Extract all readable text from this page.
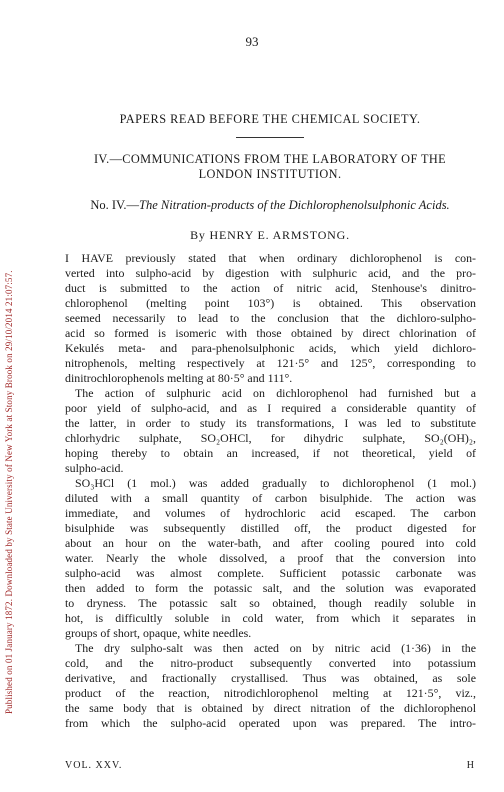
Published on 01 January 1872. Downloaded by State University of New York at Stony Brook on 29/10/2014 21:07:57.
93
PAPERS READ BEFORE THE CHEMICAL SOCIETY.
IV.—COMMUNICATIONS FROM THE LABORATORY OF THE
LONDON INSTITUTION.
No. IV.—The Nitration-products of the Dichlorophenolsulphonic Acids.
By HENRY E. ARMSTONG.
I HAVE previously stated that when ordinary dichlorophenol is con-
verted into sulpho-acid by digestion with sulphuric acid, and the pro-
duct is submitted to the action of nitric acid, Stenhouse's dinitro-
chlorophenol (melting point 103°) is obtained. This observation
seemed necessarily to lead to the conclusion that the dichloro-sulpho-
acid so formed is isomeric with those obtained by direct chlorination of
Kekulés meta- and para-phenolsulphonic acids, which yield dichloro-
nitrophenols, melting respectively at 121·5° and 125°, corresponding to
dinitrochlorophenols melting at 80·5° and 111°.
The action of sulphuric acid on dichlorophenol had furnished but a
poor yield of sulpho-acid, and as I required a considerable quantity of
the latter, in order to study its transformations, I was led to substitute
chlorhydric sulphate, SO₂OHCl, for dihydric sulphate, SO₂(OH)₂,
hoping thereby to obtain an increased, if not theoretical, yield of
sulpho-acid.
SO₃HCl (1 mol.) was added gradually to dichlorophenol (1 mol.)
diluted with a small quantity of carbon bisulphide. The action was
immediate, and volumes of hydrochloric acid escaped. The carbon
bisulphide was subsequently distilled off, the product digested for
about an hour on the water-bath, and after cooling poured into cold
water. Nearly the whole dissolved, a proof that the conversion into
sulpho-acid was almost complete. Sufficient potassic carbonate was
then added to form the potassic salt, and the solution was evaporated
to dryness. The potassic salt so obtained, though readily soluble in
hot, is difficultly soluble in cold water, from which it separates in
groups of short, opaque, white needles.
The dry sulpho-salt was then acted on by nitric acid (1·36) in the
cold, and the nitro-product subsequently converted into potassium
derivative, and fractionally crystallised. Thus was obtained, as sole
product of the reaction, nitrodichlorophenol melting at 121·5°, viz.,
the same body that is obtained by direct nitration of the dichlorophenol
from which the sulpho-acid operated upon was prepared. The intro-
VOL. XXV.	H
